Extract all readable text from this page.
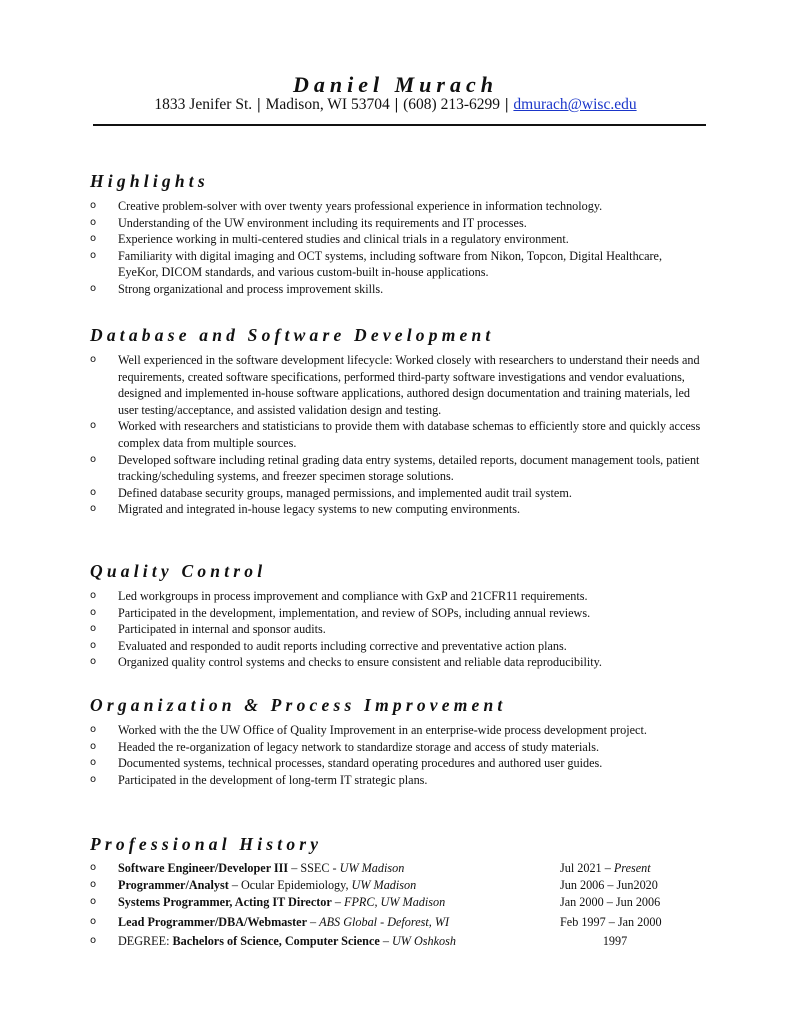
Daniel Murach
1833 Jenifer St. | Madison, WI 53704 | (608) 213-6299 | dmurach@wisc.edu
Highlights
o Creative problem-solver with over twenty years professional experience in information technology.
o Understanding of the UW environment including its requirements and IT processes.
o Experience working in multi-centered studies and clinical trials in a regulatory environment.
o Familiarity with digital imaging and OCT systems, including software from Nikon, Topcon, Digital Healthcare, EyeKor, DICOM standards, and various custom-built in-house applications.
o Strong organizational and process improvement skills.
Database and Software Development
o Well experienced in the software development lifecycle: Worked closely with researchers to understand their needs and requirements, created software specifications, performed third-party software investigations and vendor evaluations, designed and implemented in-house software applications, authored design documentation and training materials, led user testing/acceptance, and assisted validation design and testing.
o Worked with researchers and statisticians to provide them with database schemas to efficiently store and quickly access complex data from multiple sources.
o Developed software including retinal grading data entry systems, detailed reports, document management tools, patient tracking/scheduling systems, and freezer specimen storage solutions.
o Defined database security groups, managed permissions, and implemented audit trail system.
o Migrated and integrated in-house legacy systems to new computing environments.
Quality Control
o Led workgroups in process improvement and compliance with GxP and 21CFR11 requirements.
o Participated in the development, implementation, and review of SOPs, including annual reviews.
o Participated in internal and sponsor audits.
o Evaluated and responded to audit reports including corrective and preventative action plans.
o Organized quality control systems and checks to ensure consistent and reliable data reproducibility.
Organization & Process Improvement
o Worked with the the UW Office of Quality Improvement in an enterprise-wide process development project.
o Headed the re-organization of legacy network to standardize storage and access of study materials.
o Documented systems, technical processes, standard operating procedures and authored user guides.
o Participated in the development of long-term IT strategic plans.
Professional History
o Software Engineer/Developer III – SSEC - UW Madison	Jul 2021 – Present
o Programmer/Analyst – Ocular Epidemiology, UW Madison	Jun 2006 – Jun2020
o Systems Programmer, Acting IT Director – FPRC, UW Madison	Jan 2000 – Jun 2006
o Lead Programmer/DBA/Webmaster – ABS Global - Deforest, WI	Feb 1997 – Jan 2000
o DEGREE: Bachelors of Science, Computer Science – UW Oshkosh	1997
